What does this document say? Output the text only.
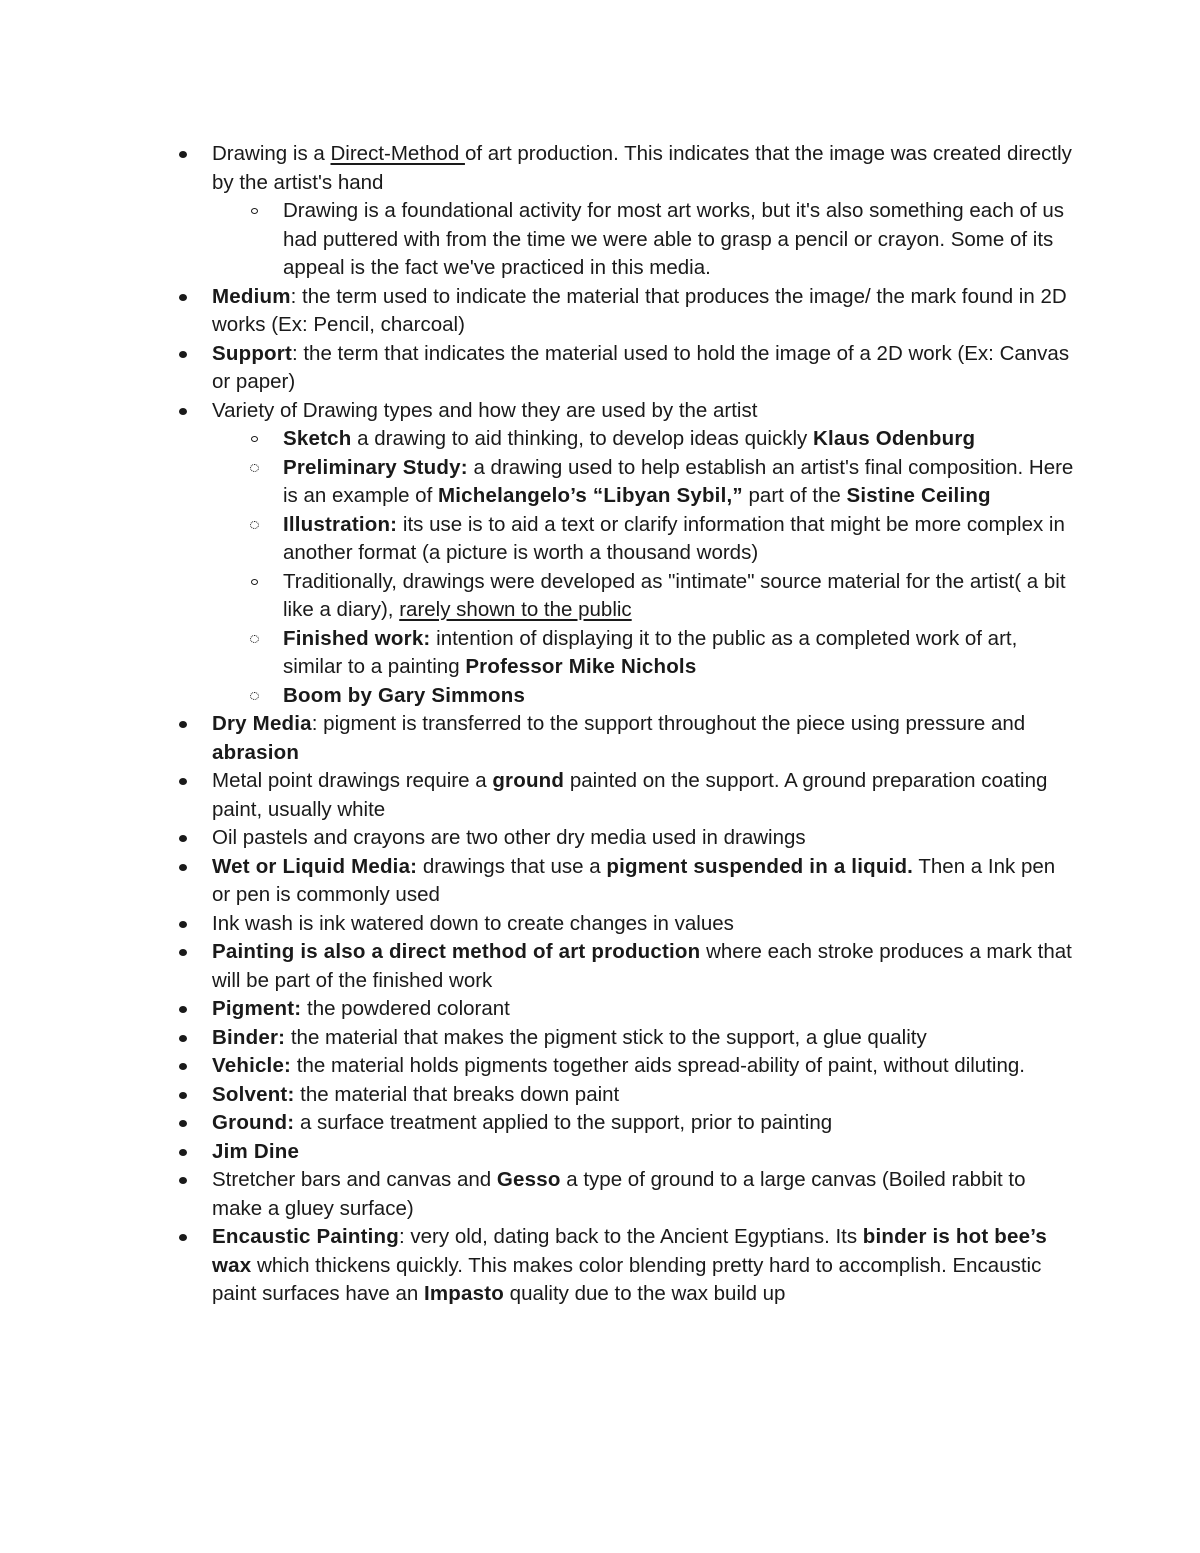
Drawing is a Direct-Method of art production. This indicates that the image was created directly by the artist's hand
Drawing is a foundational activity for most art works, but it's also something each of us had puttered with from the time we were able to grasp a pencil or crayon. Some of its appeal is the fact we've practiced in this media.
Medium: the term used to indicate the material that produces the image/ the mark found in 2D works (Ex: Pencil, charcoal)
Support: the term that indicates the material used to hold the image of a 2D work (Ex: Canvas or paper)
Variety of Drawing types and how they are used by the artist
Sketch a drawing to aid thinking, to develop ideas quickly Klaus Odenburg
Preliminary Study: a drawing used to help establish an artist's final composition. Here is an example of Michelangelo’s “Libyan Sybil,” part of the Sistine Ceiling
Illustration: its use is to aid a text or clarify information that might be more complex in another format (a picture is worth a thousand words)
Traditionally, drawings were developed as "intimate" source material for the artist( a bit like a diary), rarely shown to the public
Finished work: intention of displaying it to the public as a completed work of art, similar to a painting Professor Mike Nichols
Boom by Gary Simmons
Dry Media: pigment is transferred to the support throughout the piece using pressure and abrasion
Metal point drawings require a ground painted on the support. A ground preparation coating paint, usually white
Oil pastels and crayons are two other dry media used in drawings
Wet or Liquid Media: drawings that use a pigment suspended in a liquid. Then a Ink pen or pen is commonly used
Ink wash is ink watered down to create changes in values
Painting is also a direct method of art production where each stroke produces a mark that will be part of the finished work
Pigment: the powdered colorant
Binder: the material that makes the pigment stick to the support, a glue quality
Vehicle: the material holds pigments together aids spread-ability of paint, without diluting.
Solvent: the material that breaks down paint
Ground: a surface treatment applied to the support, prior to painting
Jim Dine
Stretcher bars and canvas and Gesso a type of ground to a large canvas (Boiled rabbit to make a gluey surface)
Encaustic Painting: very old, dating back to the Ancient Egyptians. Its binder is hot bee’s wax which thickens quickly. This makes color blending pretty hard to accomplish. Encaustic paint surfaces have an Impasto quality due to the wax build up
